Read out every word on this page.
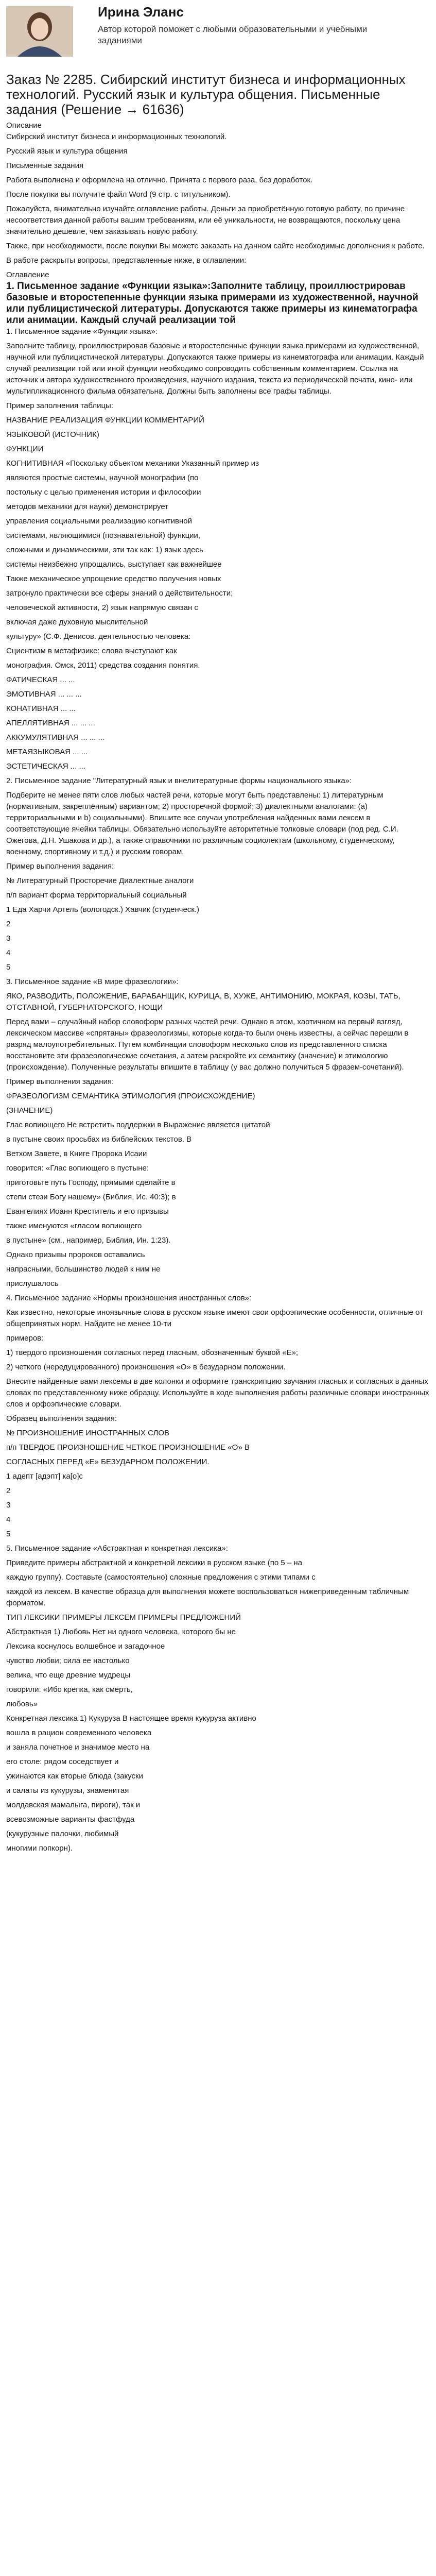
Ирина Эланс
Автор которой поможет с любыми образовательными и учебными заданиями
Заказ № 2285. Сибирский институт бизнеса и информационных технологий. Русский язык и культура общения. Письменные задания (Решение → 61636)

Описание

Сибирский институт бизнеса и информационных технологий.

Русский язык и культура общения

Письменные задания

Работа выполнена и оформлена на отлично. Принята с первого раза, без доработок.

После покупки вы получите файл Word (9 стр. с титульником).

Пожалуйста, внимательно изучайте оглавление работы. Деньги за приобретённую готовую работу, по причине несоответствия данной работы вашим требованиям, или её уникальности, не возвращаются, поскольку цена значительно дешевле, чем заказывать новую работу.

Также, при необходимости, после покупки Вы можете заказать на данном сайте необходимые дополнения к работе.

В работе раскрыты вопросы, представленные ниже, в оглавлении:

Оглавление

1. Письменное задание «Функции языка»:Заполните таблицу, проиллюстрировав базовые и второстепенные функции языка примерами из художественной, научной или публицистической литературы. Допускаются также примеры из кинематографа или анимации. Каждый случай реализации той

1. Письменное задание «Функции языка»:

Заполните таблицу, проиллюстрировав базовые и второстепенные функции языка примерами из художественной, научной или публицистической литературы. Допускаются также примеры из кинематографа или анимации. Каждый случай реализации той или иной функции необходимо сопроводить собственным комментарием. Ссылка на источник и автора художественного произведения, научного издания, текста из периодической печати, кино- или мультипликационного фильма обязательна. Должны быть заполнены все графы таблицы.

Пример заполнения таблицы:

НАЗВАНИЕ РЕАЛИЗАЦИЯ ФУНКЦИИ КОММЕНТАРИЙ

ЯЗЫКОВОЙ (ИСТОЧНИК)

ФУНКЦИИ

КОГНИТИВНАЯ «Поскольку объектом механики Указанный пример из

являются простые системы, научной монографии (по

постольку с целью применения истории и философии

методов механики для науки) демонстрирует

управления социальными реализацию когнитивной

системами, являющимися (познавательной) функции,

сложными и динамическими, эти так как: 1) язык здесь

системы неизбежно упрощались, выступает как важнейшее

Также механическое упрощение средство получения новых

затронуло практически все сферы знаний о действительности;

человеческой активности, 2) язык напрямую связан с

включая даже духовную мыслительной

культуру» (С.Ф. Денисов. деятельностью человека:

Сциентизм в метафизике: слова выступают как

монография. Омск, 2011) средства создания понятия.

ФАТИЧЕСКАЯ ... ...

ЭМОТИВНАЯ ... ... ...

КОНАТИВНАЯ ... ...

АПЕЛЛЯТИВНАЯ ... ... ...

АККУМУЛЯТИВНАЯ ... ... ...

МЕТАЯЗЫКОВАЯ ... ...

ЭСТЕТИЧЕСКАЯ ... ...

2. Письменное задание "Литературный язык и внелитературные формы национального языка»:

Подберите не менее пяти слов любых частей речи, которые могут быть представлены: 1) литературным (нормативным, закреплённым) вариантом; 2) просторечной формой; 3) диалектными аналогами: (а) территориальными и b) социальными). Впишите все случаи употребления найденных вами лексем в соответствующие ячейки таблицы. Обязательно используйте авторитетные толковые словари (под ред. С.И. Ожегова, Д.Н. Ушакова и др.), а также справочники по различным социолектам (школьному, студенческому, военному, спортивному и т.д.) и русским говорам.

Пример выполнения задания:

№ Литературный Просторечие Диалектные аналоги

п/п вариант форма территориальный социальный

1 Еда Харчи Артель (вологодск.) Хавчик (студенческ.)

2

3

4

5

3. Письменное задание «В мире фразеологии»:

ЯКО, РАЗВОДИТЬ, ПОЛОЖЕНИЕ, БАРАБАНЩИК, КУРИЦА, В, ХУЖЕ, АНТИМОНИЮ, МОКРАЯ, КОЗЫ, ТАТЬ, ОТСТАВНОЙ, ГУБЕРНАТОРСКОГО, НОЩИ

Перед вами – случайный набор словоформ разных частей речи. Однако в этом, хаотичном на первый взгляд, лексическом массиве «спрятаны» фразеологизмы, которые когда-то были очень известны, а сейчас перешли в разряд малоупотребительных. Путем комбинации словоформ несколько слов из представленного списка восстановите эти фразеологические сочетания, а затем раскройте их семантику (значение) и этимологию (происхождение). Полученные результаты впишите в таблицу (у вас должно получиться 5 фразем-сочетаний).

Пример выполнения задания:

ФРАЗЕОЛОГИЗМ СЕМАНТИКА ЭТИМОЛОГИЯ (ПРОИСХОЖДЕНИЕ)

(ЗНАЧЕНИЕ)

Глас вопиющего Не встретить поддержки в Выражение является цитатой

в пустыне своих просьбах из библейских текстов. В

Ветхом Завете, в Книге Пророка Исаии

говорится: «Глас вопиющего в пустыне:

приготовьте путь Господу, прямыми сделайте в

степи стези Богу нашему» (Библия, Ис. 40:3); в

Евангелиях Иоанн Креститель и его призывы

также именуются «гласом вопиющего

в пустыне» (см., например, Библия, Ин. 1:23).

Однако призывы пророков оставались

напрасными, большинство людей к ним не

прислушалось

4. Письменное задание «Нормы произношения иностранных слов»:

Как известно, некоторые иноязычные слова в русском языке имеют свои орфоэпические особенности, отличные от общепринятых норм. Найдите не менее 10-ти

примеров:

1) твердого произношения согласных перед гласным, обозначенным буквой «Е»;

2) четкого (нередуцированного) произношения «О» в безударном положении.

Внесите найденные вами лексемы в две колонки и оформите транскрипцию звучания гласных и согласных в данных словах по представленному ниже образцу. Используйте в ходе выполнения работы различные словари иностранных слов и орфоэпические словари.

Образец выполнения задания:

№ ПРОИЗНОШЕНИЕ ИНОСТРАННЫХ СЛОВ

п/п ТВЕРДОЕ ПРОИЗНОШЕНИЕ ЧЕТКОЕ ПРОИЗНОШЕНИЕ «О» В

СОГЛАСНЫХ ПЕРЕД «Е» БЕЗУДАРНОМ ПОЛОЖЕНИИ.

1 адепт [адэпт] ка[о]с

2

3

4

5

5. Письменное задание «Абстрактная и конкретная лексика»:

Приведите примеры абстрактной и конкретной лексики в русском языке (по 5 – на

каждую группу). Составьте (самостоятельно) сложные предложения с этими типами с

каждой из лексем. В качестве образца для выполнения можете воспользоваться нижеприведенным табличным форматом.

ТИП ЛЕКСИКИ ПРИМЕРЫ ЛЕКСЕМ ПРИМЕРЫ ПРЕДЛОЖЕНИЙ

Абстрактная 1) Любовь Нет ни одного человека, которого бы не

Лексика коснулось волшебное и загадочное

чувство любви; сила ее настолько

велика, что еще древние мудрецы

говорили: «Ибо крепка, как смерть,

любовь»

Конкретная лексика 1) Кукуруза В настоящее время кукуруза активно

вошла в рацион современного человека

и заняла почетное и значимое место на

его столе: рядом соседствует и

ужинаются как вторые блюда (закуски

и салаты из кукурузы, знаменитая

молдавская мамалыга, пироги), так и

всевозможные варианты фастфуда

(кукурузные палочки, любимый

многими попкорн).
